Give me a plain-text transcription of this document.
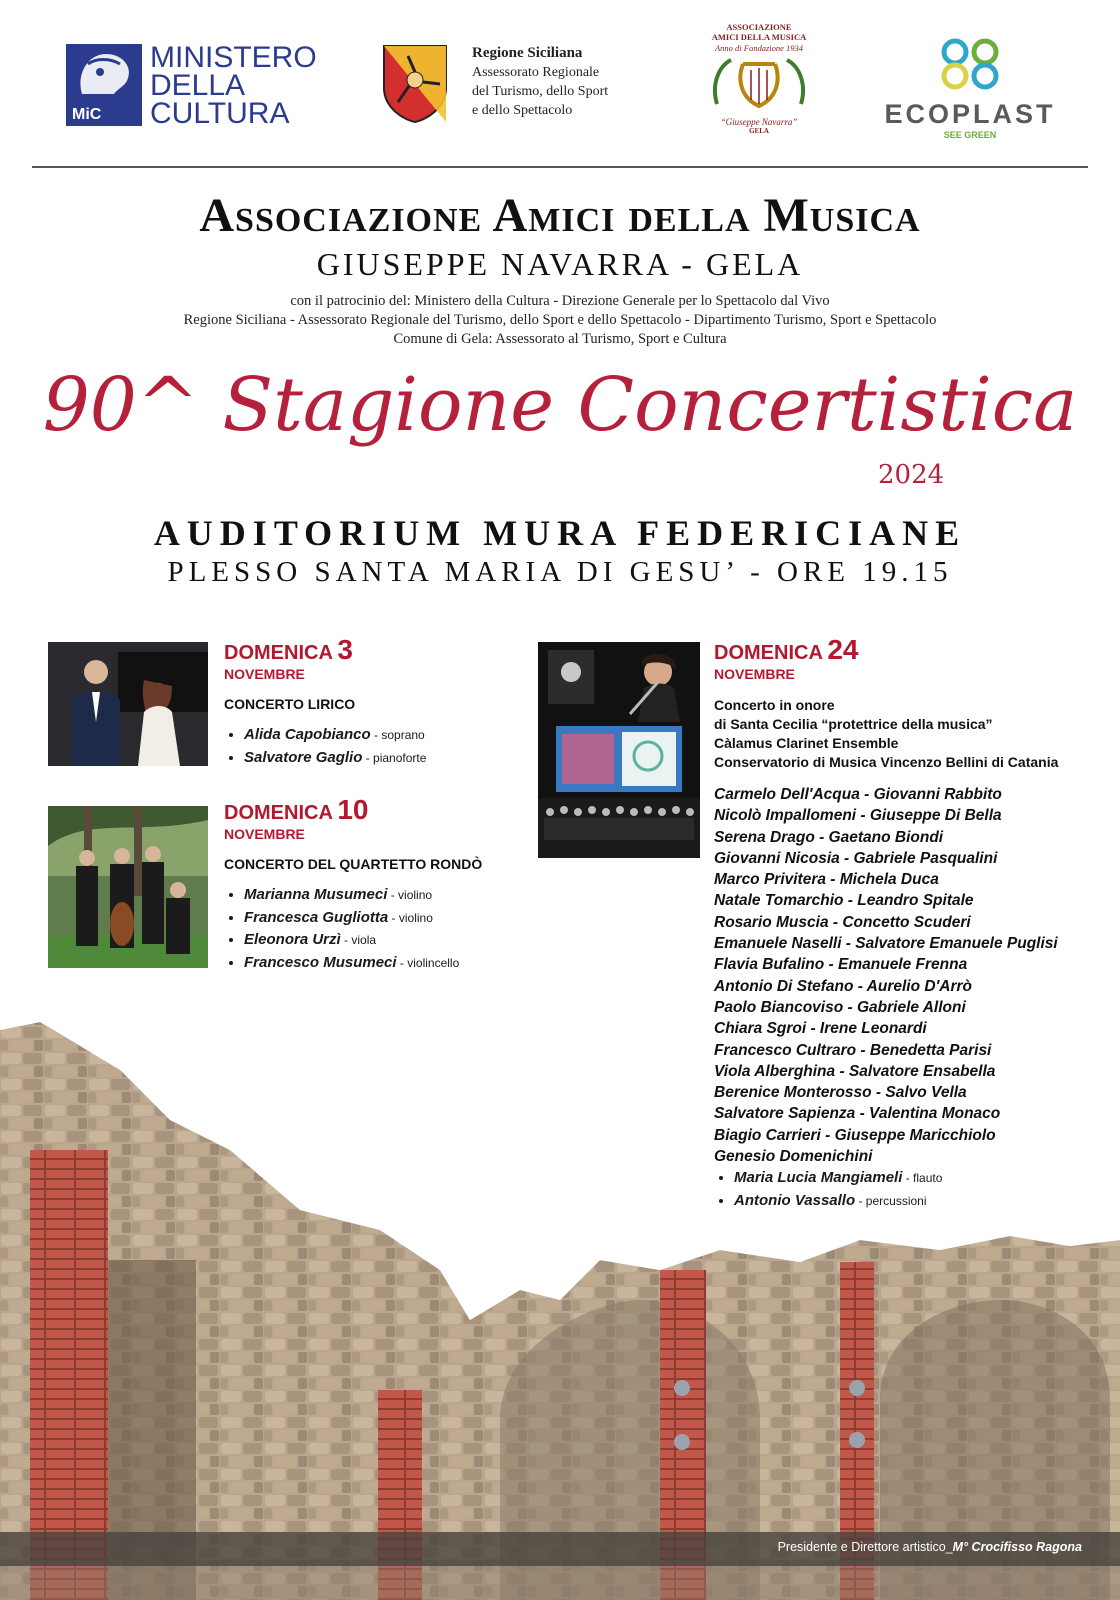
MiC
MINISTERO
DELLA
CULTURA
Regione Siciliana
Assessorato Regionale
del Turismo, dello Sport
e dello Spettacolo
ASSOCIAZIONE
AMICI DELLA MUSICA
Anno di Fondazione 1934
“Giuseppe Navarra”
GELA
ECOPLAST
SEE GREEN
Associazione Amici della Musica
GIUSEPPE NAVARRA - GELA
con il patrocinio del: Ministero della Cultura - Direzione Generale per lo Spettacolo dal Vivo
Regione Siciliana - Assessorato Regionale del Turismo, dello Sport e dello Spettacolo - Dipartimento Turismo, Sport e Spettacolo
Comune di Gela: Assessorato al Turismo, Sport e Cultura
90^ Stagione Concertistica
2024
AUDITORIUM MURA FEDERICIANE
PLESSO SANTA MARIA DI GESU’ - ORE 19.15
DOMENICA 3
NOVEMBRE
CONCERTO LIRICO
• Alida Capobianco - soprano
• Salvatore Gaglio - pianoforte
DOMENICA 10
NOVEMBRE
CONCERTO DEL QUARTETTO RONDÒ
• Marianna Musumeci - violino
• Francesca Gugliotta - violino
• Eleonora Urzì - viola
• Francesco Musumeci - violincello
•
•
DOMENICA 24
NOVEMBRE
Concerto in onore
di Santa Cecilia “protettrice della musica”
Càlamus Clarinet Ensemble
Conservatorio di Musica Vincenzo Bellini di Catania
Carmelo Dell'Acqua - Giovanni Rabbito
Nicolò Impallomeni - Giuseppe Di Bella
Serena Drago - Gaetano Biondi
Giovanni Nicosia - Gabriele Pasqualini
Marco Privitera - Michela Duca
Natale Tomarchio - Leandro Spitale
Rosario Muscia - Concetto Scuderi
Emanuele Naselli - Salvatore Emanuele Puglisi
Flavia Bufalino - Emanuele Frenna
Antonio Di Stefano - Aurelio D'Arrò
Paolo Biancoviso - Gabriele Alloni
Chiara Sgroi - Irene Leonardi
Francesco Cultraro - Benedetta Parisi
Viola Alberghina - Salvatore Ensabella
Berenice Monterosso - Salvo Vella
Salvatore Sapienza - Valentina Monaco
Biagio Carrieri - Giuseppe Maricchiolo
Genesio Domenichini
• Maria Lucia Mangiameli - flauto
• Antonio Vassallo - percussioni
Presidente e Direttore artistico_M° Crocifisso Ragona
